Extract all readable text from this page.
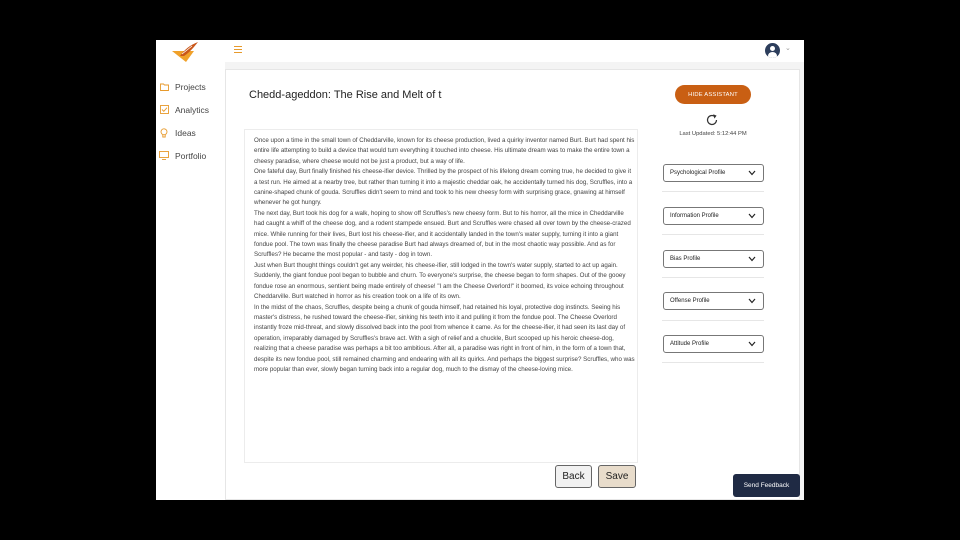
Projects
Analytics
Ideas
Portfolio
⌄
Chedd-ageddon: The Rise and Melt of t
Once upon a time in the small town of Cheddarville, known for its cheese production, lived a quirky inventor named Burt. Burt had spent his entire life attempting to build a device that would turn everything it touched into cheese. His ultimate dream was to make the entire town a cheesy paradise, where cheese would not be just a product, but a way of life.
One fateful day, Burt finally finished his cheese-ifier device. Thrilled by the prospect of his lifelong dream coming true, he decided to give it a test run. He aimed at a nearby tree, but rather than turning it into a majestic cheddar oak, he accidentally turned his dog, Scruffles, into a canine-shaped chunk of gouda. Scruffles didn't seem to mind and took to his new cheesy form with surprising grace, gnawing at himself whenever he got hungry.
The next day, Burt took his dog for a walk, hoping to show off Scruffles's new cheesy form. But to his horror, all the mice in Cheddarville had caught a whiff of the cheese dog, and a rodent stampede ensued. Burt and Scruffles were chased all over town by the cheese-crazed mice. While running for their lives, Burt lost his cheese-ifier, and it accidentally landed in the town's water supply, turning it into a giant fondue pool. The town was finally the cheese paradise Burt had always dreamed of, but in the most chaotic way possible. And as for Scruffles? He became the most popular - and tasty - dog in town.
Just when Burt thought things couldn't get any weirder, his cheese-ifier, still lodged in the town's water supply, started to act up again. Suddenly, the giant fondue pool began to bubble and churn. To everyone's surprise, the cheese began to form shapes. Out of the gooey fondue rose an enormous, sentient being made entirely of cheese! "I am the Cheese Overlord!" it boomed, its voice echoing throughout Cheddarville. Burt watched in horror as his creation took on a life of its own.
In the midst of the chaos, Scruffles, despite being a chunk of gouda himself, had retained his loyal, protective dog instincts. Seeing his master's distress, he rushed toward the cheese-ifier, sinking his teeth into it and pulling it from the fondue pool. The Cheese Overlord instantly froze mid-threat, and slowly dissolved back into the pool from whence it came. As for the cheese-ifier, it had seen its last day of operation, irreparably damaged by Scruffles's brave act. With a sigh of relief and a chuckle, Burt scooped up his heroic cheese-dog, realizing that a cheese paradise was perhaps a bit too ambitious. After all, a paradise was right in front of him, in the form of a town that, despite its new fondue pool, still remained charming and endearing with all its quirks. And perhaps the biggest surprise? Scruffles, who was more popular than ever, slowly began turning back into a regular dog, much to the dismay of the cheese-loving mice.
Back	Save
HIDE ASSISTANT
Last Updated: 5:12:44 PM
Psychological Profile
Information Profile
Bias Profile
Offense Profile
Attitude Profile
Send Feedback
